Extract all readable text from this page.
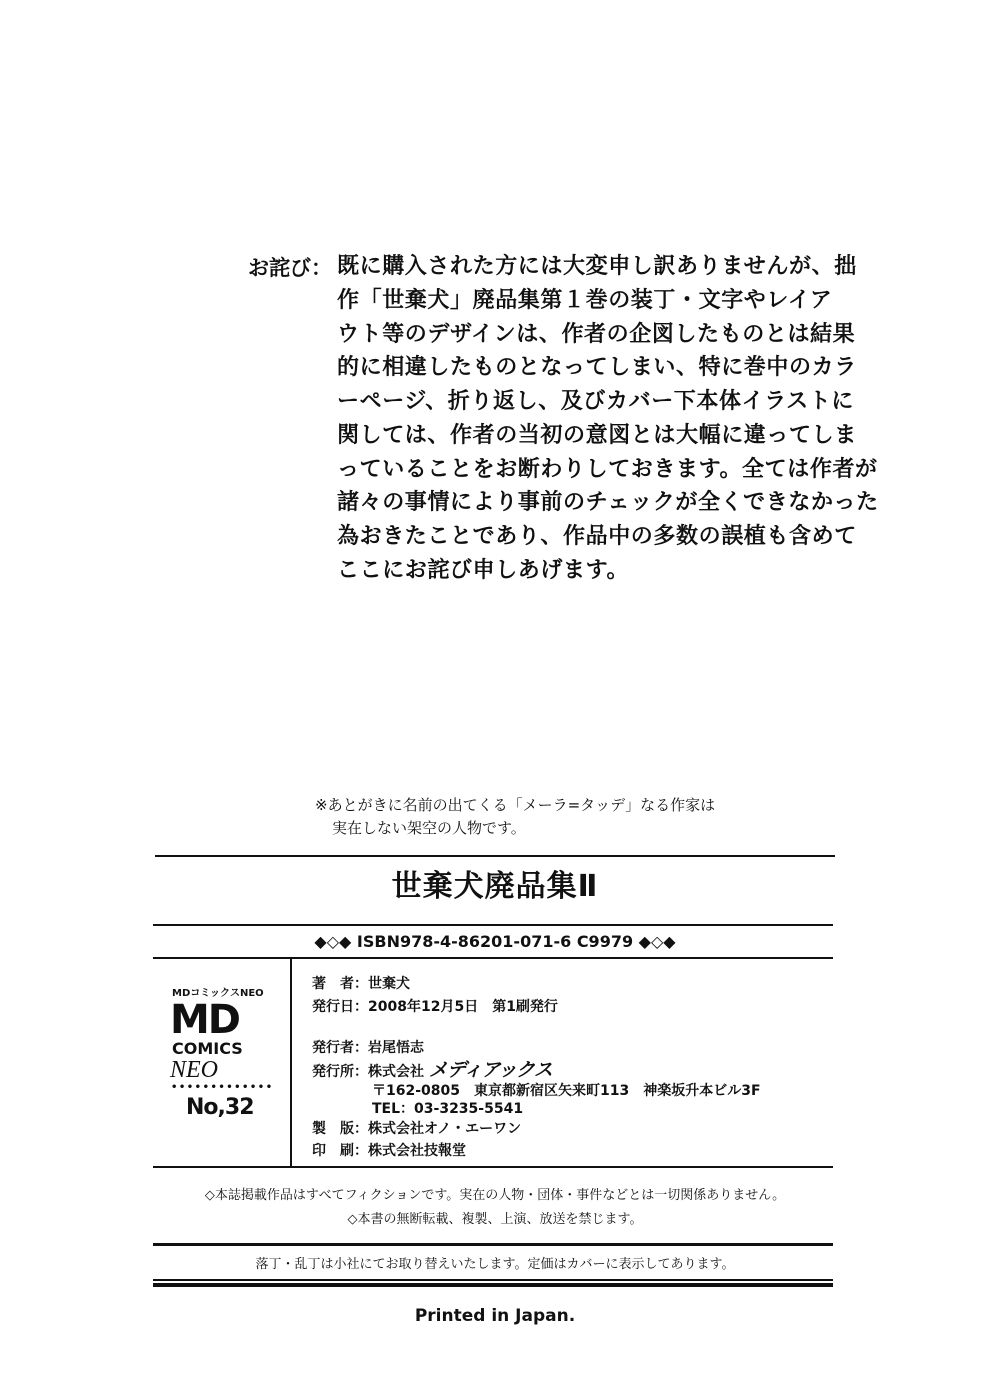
お詫び： 既に購入された方には大変申し訳ありませんが、拙
作「世棄犬」廃品集第１巻の装丁・文字やレイア
ウト等のデザインは、作者の企図したものとは結果
的に相違したものとなってしまい、特に巻中のカラ
ーページ、折り返し、及びカバー下本体イラストに
関しては、作者の当初の意図とは大幅に違ってしま
っていることをお断わりしておきます。全ては作者が
諸々の事情により事前のチェックが全くできなかった
為おきたことであり、作品中の多数の誤植も含めて
ここにお詫び申しあげます。
※あとがきに名前の出てくる「メーラ=タッデ」なる作家は
実在しない架空の人物です。
世棄犬廃品集Ⅱ
◆◇◆ ISBN978-4-86201-071-6 C9979 ◆◇◆
MDコミックスNEO
MD
COMICS
NEO
•••••••••••••
No,32
著　者：世棄犬
発行日：2008年12月5日　第1刷発行
発行者：岩尾悟志
発行所：株式会社 メディアックス
〒162-0805　東京都新宿区矢来町113　神楽坂升本ビル3F
TEL：03-3235-5541
製　版：株式会社オノ・エーワン
印　刷：株式会社技報堂
◇本誌掲載作品はすべてフィクションです。実在の人物・団体・事件などとは一切関係ありません。
◇本書の無断転載、複製、上演、放送を禁じます。
落丁・乱丁は小社にてお取り替えいたします。定価はカバーに表示してあります。
Printed in Japan.
